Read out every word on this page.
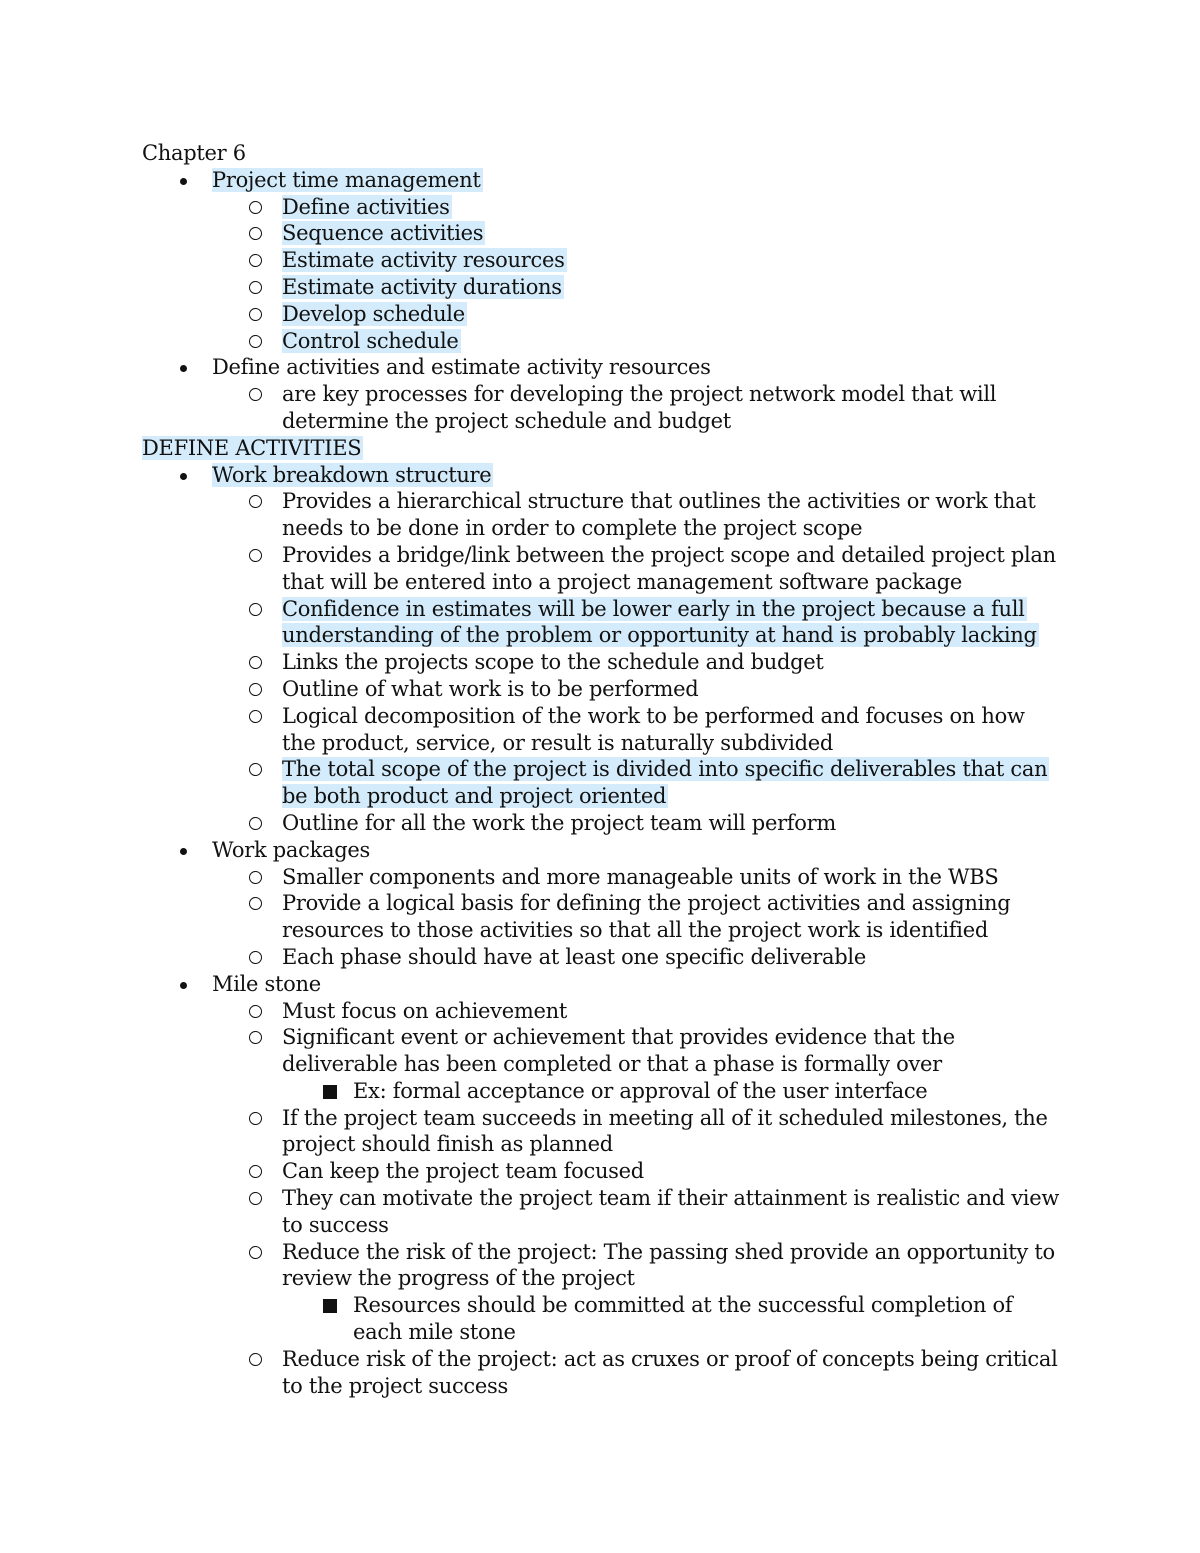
Chapter 6
Project time management
Define activities
Sequence activities
Estimate activity resources
Estimate activity durations
Develop schedule
Control schedule
Define activities and estimate activity resources
are key processes for developing the project network model that will
determine the project schedule and budget
DEFINE ACTIVITIES
Work breakdown structure
Provides a hierarchical structure that outlines the activities or work that
needs to be done in order to complete the project scope
Provides a bridge/link between the project scope and detailed project plan
that will be entered into a project management software package
Confidence in estimates will be lower early in the project because a full
understanding of the problem or opportunity at hand is probably lacking
Links the projects scope to the schedule and budget
Outline of what work is to be performed
Logical decomposition of the work to be performed and focuses on how
the product, service, or result is naturally subdivided
The total scope of the project is divided into specific deliverables that can
be both product and project oriented
Outline for all the work the project team will perform
Work packages
Smaller components and more manageable units of work in the WBS
Provide a logical basis for defining the project activities and assigning
resources to those activities so that all the project work is identified
Each phase should have at least one specific deliverable
Mile stone
Must focus on achievement
Significant event or achievement that provides evidence that the
deliverable has been completed or that a phase is formally over
Ex: formal acceptance or approval of the user interface
If the project team succeeds in meeting all of it scheduled milestones, the
project should finish as planned
Can keep the project team focused
They can motivate the project team if their attainment is realistic and view
to success
Reduce the risk of the project: The passing shed provide an opportunity to
review the progress of the project
Resources should be committed at the successful completion of
each mile stone
Reduce risk of the project: act as cruxes or proof of concepts being critical
to the project success
